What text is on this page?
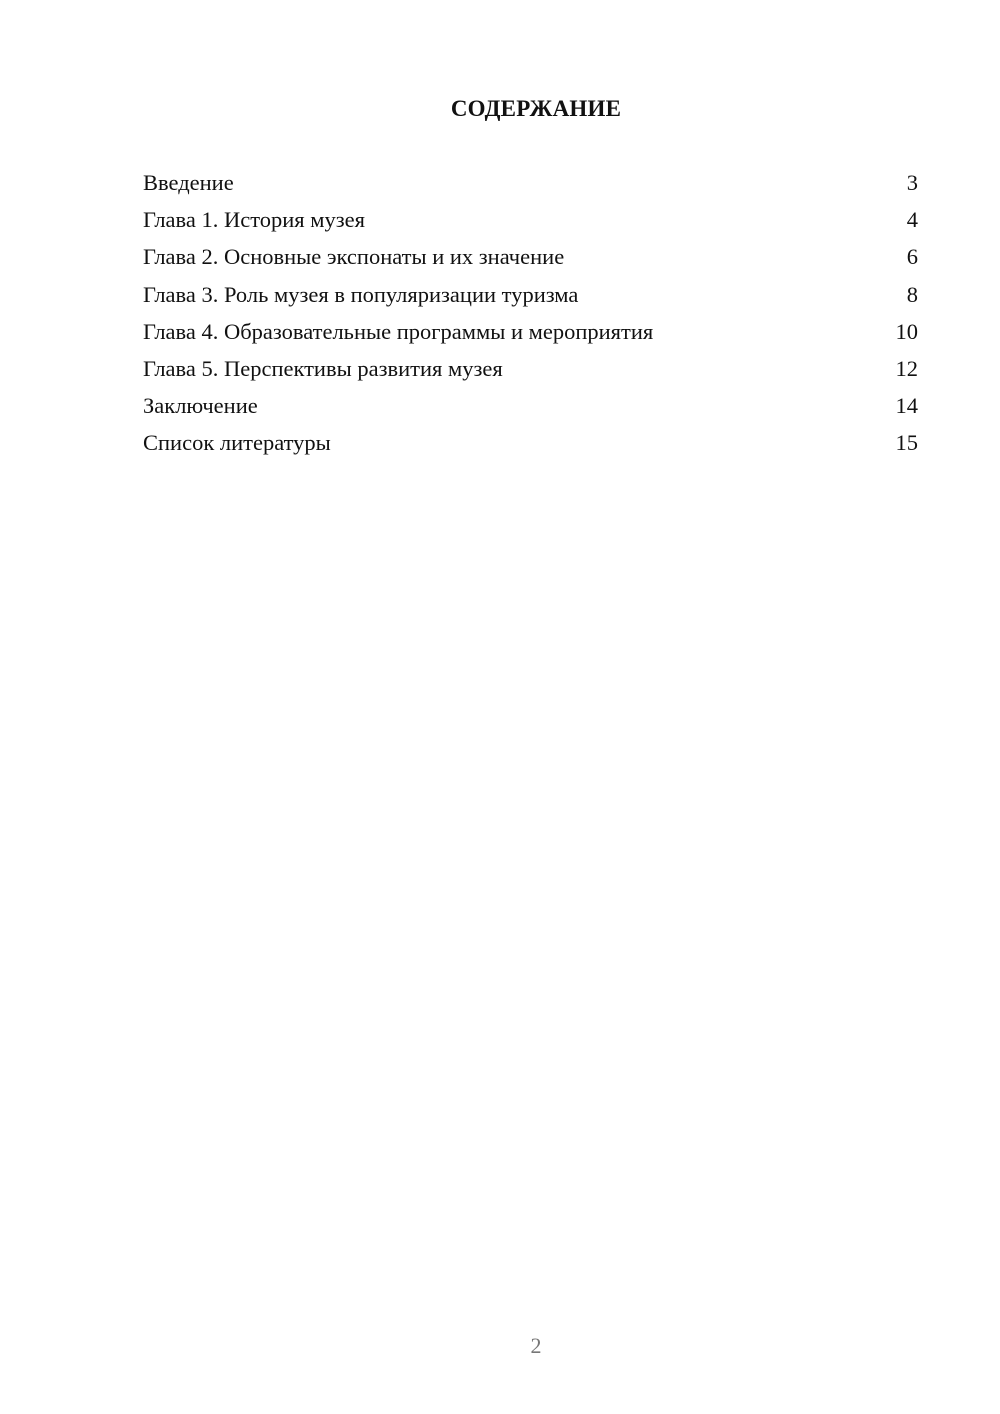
СОДЕРЖАНИЕ
Введение	3
Глава 1. История музея	4
Глава 2. Основные экспонаты и их значение	6
Глава 3. Роль музея в популяризации туризма	8
Глава 4. Образовательные программы и мероприятия	10
Глава 5. Перспективы развития музея	12
Заключение	14
Список литературы	15
2
